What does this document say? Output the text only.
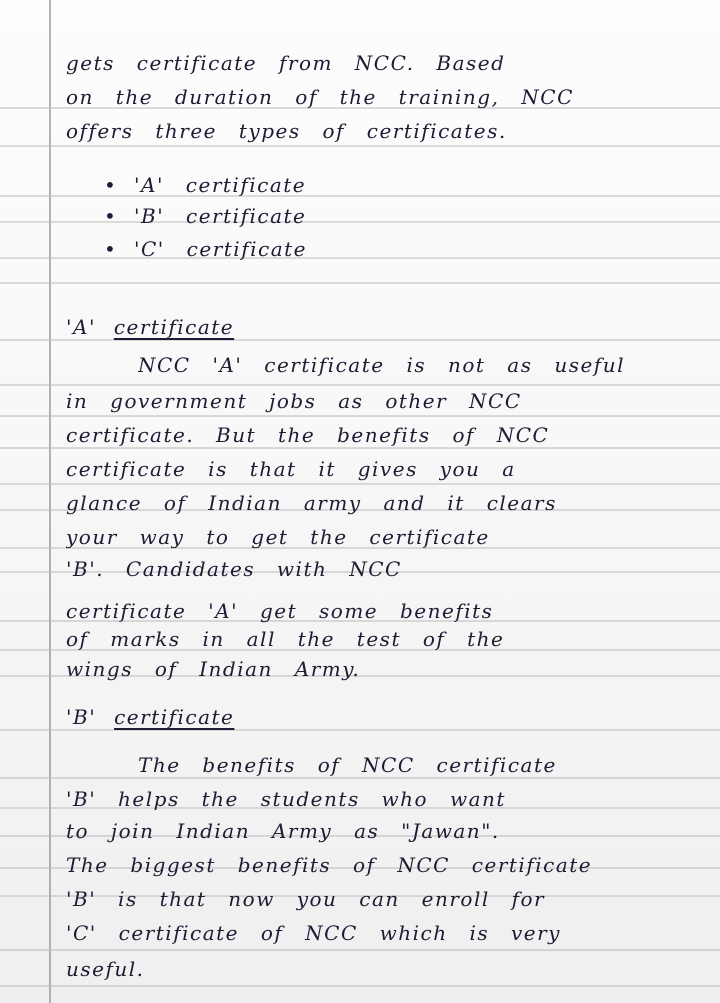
gets certificate from NCC. Based

on the duration of the training, NCC

offers three types of certificates.

• 'A' certificate

• 'B' certificate

• 'C' certificate

'A' certificate

NCC 'A' certificate is not as useful

in government jobs as other NCC

certificate. But the benefits of NCC

certificate is that it gives you a

glance of Indian army and it clears

your way to get the certificate

'B'. Candidates with NCC

certificate 'A' get some benefits

of marks in all the test of the

wings of Indian Army.

'B' certificate

The benefits of NCC certificate

'B' helps the students who want

to join Indian Army as "Jawan".

The biggest benefits of NCC certificate

'B' is that now you can enroll for

'C' certificate of NCC which is very

useful.
